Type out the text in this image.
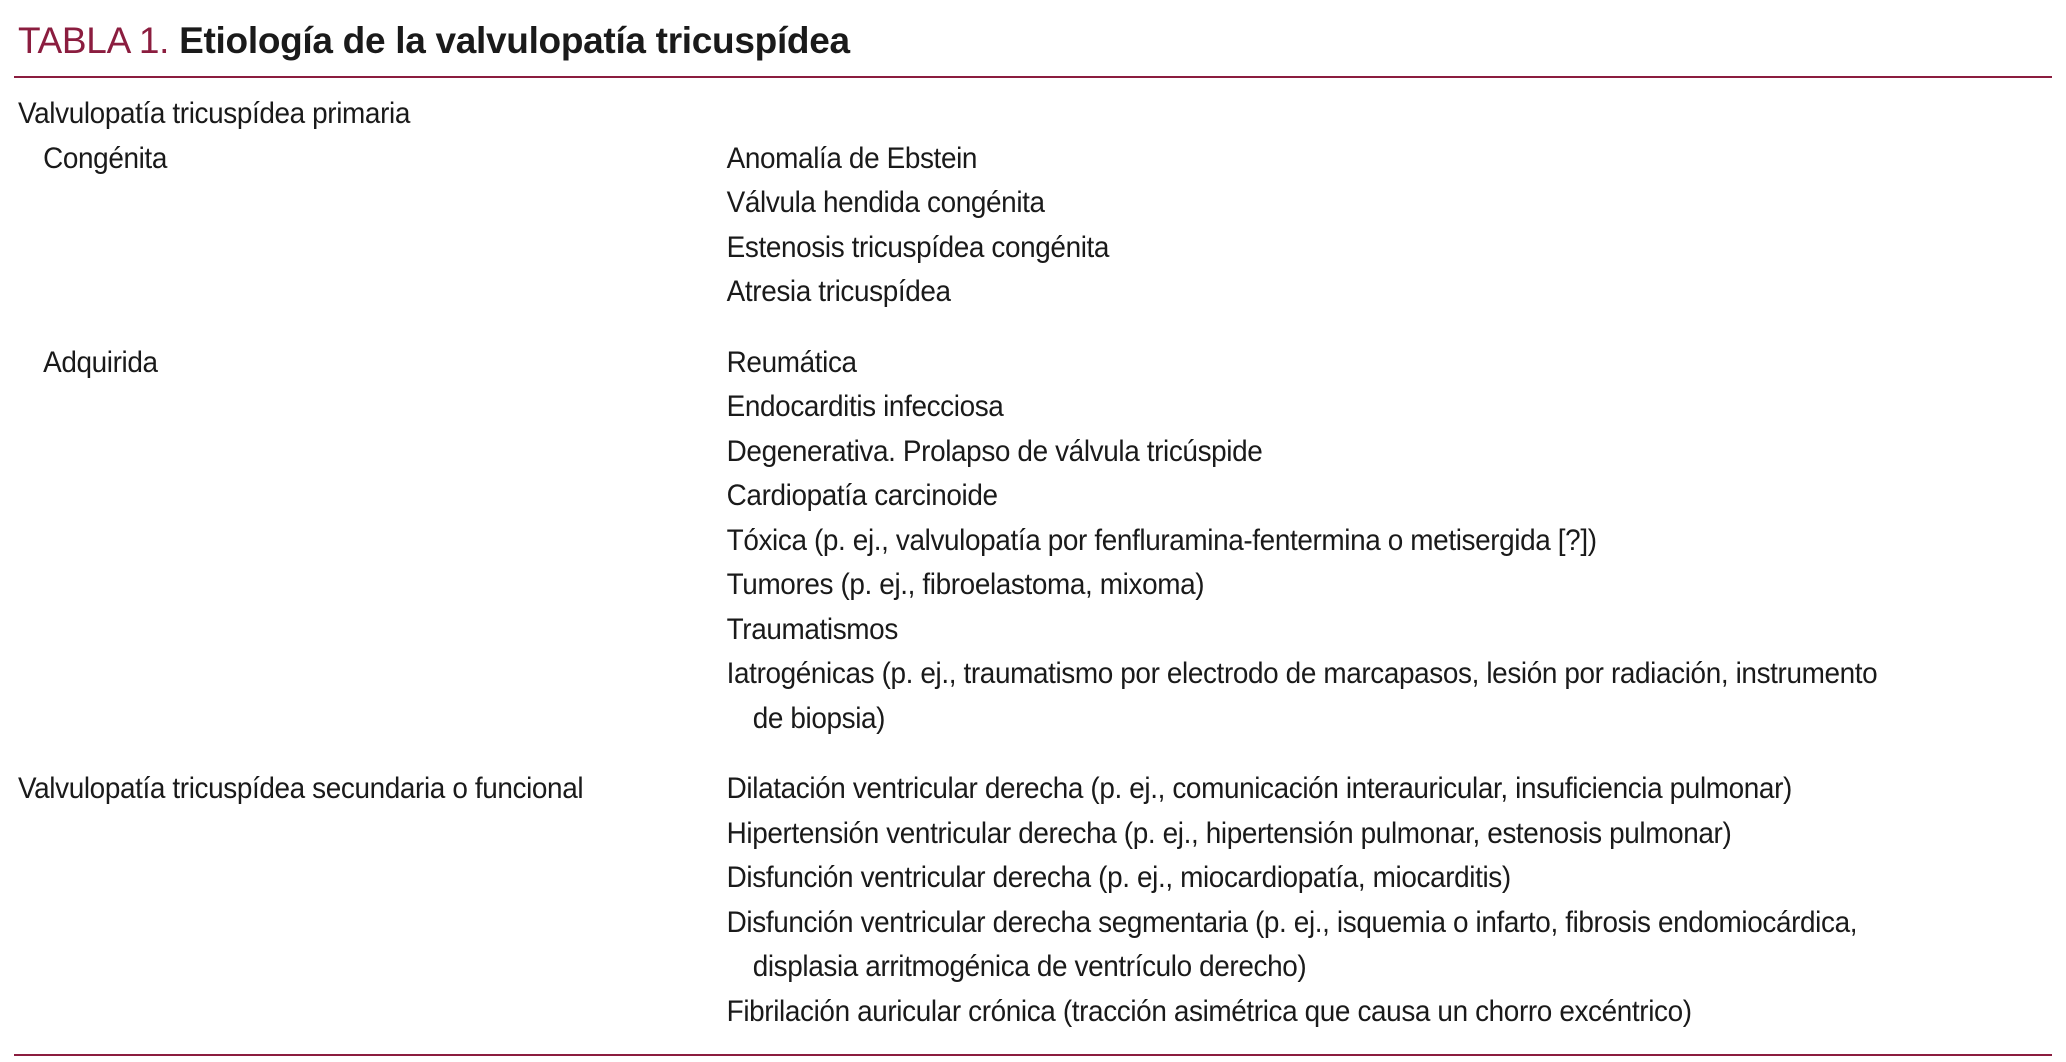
TABLA 1. Etiología de la valvulopatía tricuspídea
Valvulopatía tricuspídea primaria
Congénita	Anomalía de Ebstein
Válvula hendida congénita
Estenosis tricuspídea congénita
Atresia tricuspídea
Adquirida	Reumática
Endocarditis infecciosa
Degenerativa. Prolapso de válvula tricúspide
Cardiopatía carcinoide
Tóxica (p. ej., valvulopatía por fenfluramina-fentermina o metisergida [?])
Tumores (p. ej., fibroelastoma, mixoma)
Traumatismos
Iatrogénicas (p. ej., traumatismo por electrodo de marcapasos, lesión por radiación, instrumento de biopsia)
Valvulopatía tricuspídea secundaria o funcional	Dilatación ventricular derecha (p. ej., comunicación interauricular, insuficiencia pulmonar)
Hipertensión ventricular derecha (p. ej., hipertensión pulmonar, estenosis pulmonar)
Disfunción ventricular derecha (p. ej., miocardiopatía, miocarditis)
Disfunción ventricular derecha segmentaria (p. ej., isquemia o infarto, fibrosis endomiocárdica, displasia arritmogénica de ventrículo derecho)
Fibrilación auricular crónica (tracción asimétrica que causa un chorro excéntrico)
